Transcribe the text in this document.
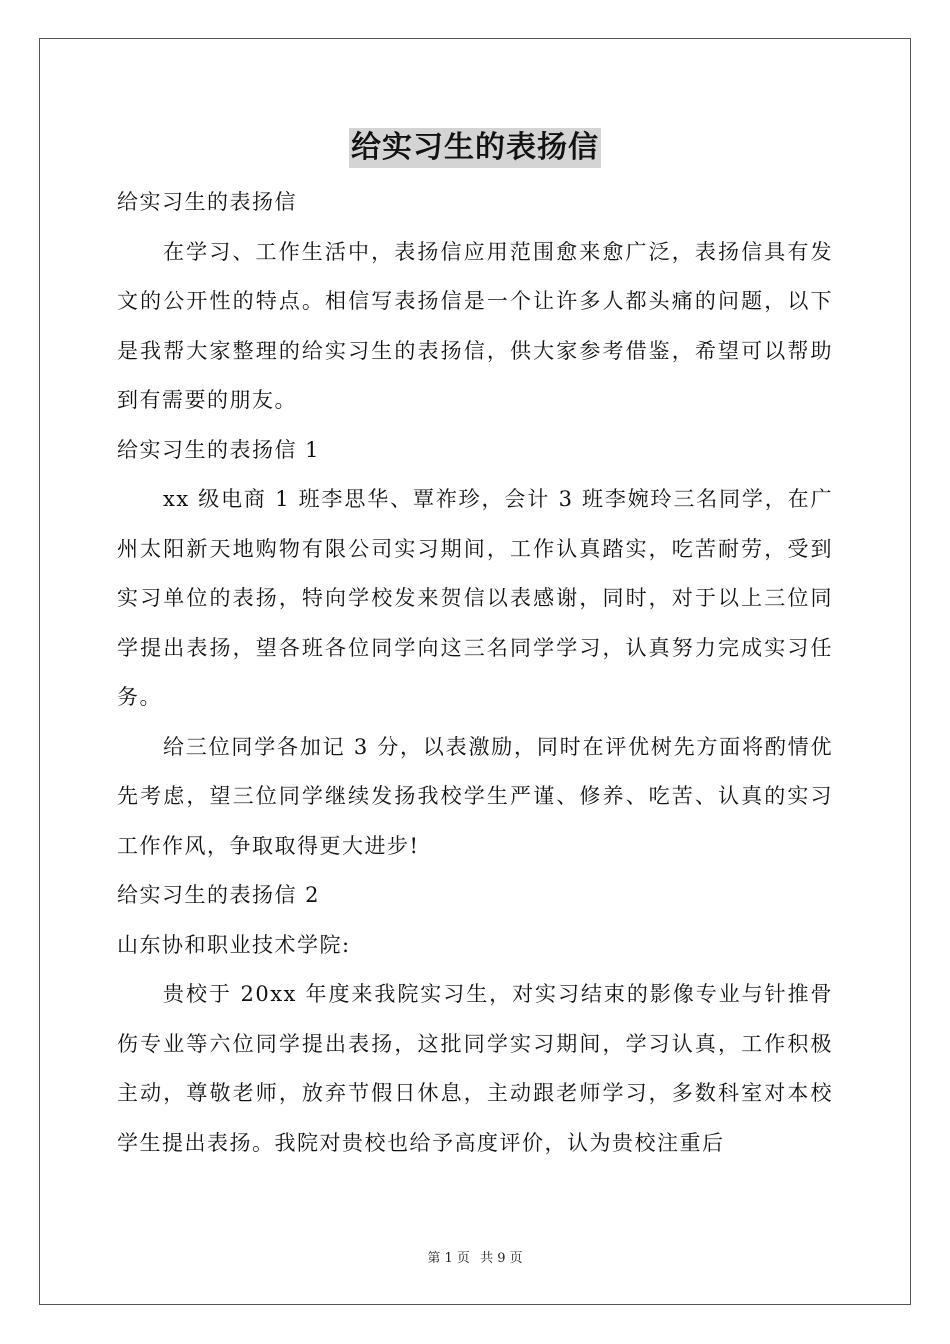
给实习生的表扬信

给实习生的表扬信

在学习、工作生活中，表扬信应用范围愈来愈广泛，表扬信具有发文的公开性的特点。相信写表扬信是一个让许多人都头痛的问题，以下是我帮大家整理的给实习生的表扬信，供大家参考借鉴，希望可以帮助到有需要的朋友。

给实习生的表扬信 1

xx 级电商 1 班李思华、覃祚珍，会计 3 班李婉玲三名同学，在广州太阳新天地购物有限公司实习期间，工作认真踏实，吃苦耐劳，受到实习单位的表扬，特向学校发来贺信以表感谢，同时，对于以上三位同学提出表扬，望各班各位同学向这三名同学学习，认真努力完成实习任务。

给三位同学各加记 3 分，以表激励，同时在评优树先方面将酌情优先考虑，望三位同学继续发扬我校学生严谨、修养、吃苦、认真的实习工作作风，争取取得更大进步!

给实习生的表扬信 2

山东协和职业技术学院:

贵校于 20xx 年度来我院实习生，对实习结束的影像专业与针推骨伤专业等六位同学提出表扬，这批同学实习期间，学习认真，工作积极主动，尊敬老师，放弃节假日休息，主动跟老师学习，多数科室对本校学生提出表扬。我院对贵校也给予高度评价，认为贵校注重后

第 1 页 共 9 页
